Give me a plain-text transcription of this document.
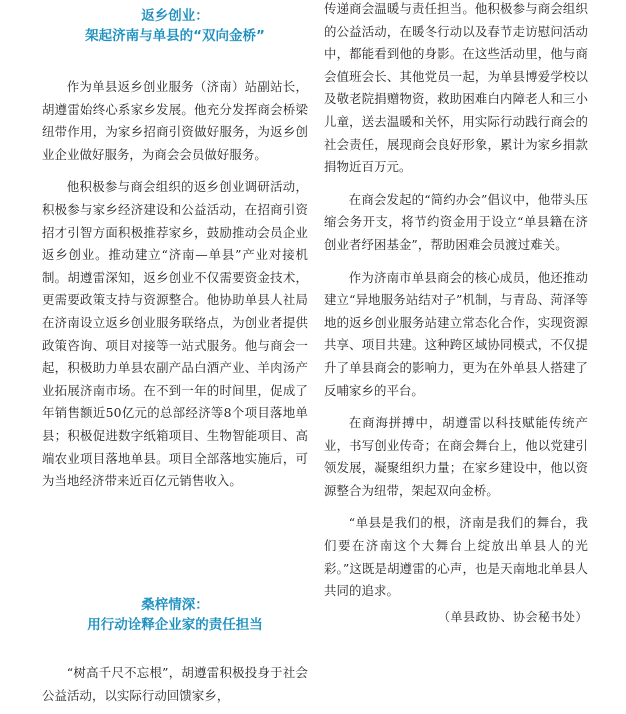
返乡创业：
架起济南与单县的“双向金桥”

作为单县返乡创业服务（济南）站副站长，胡遵雷始终心系家乡发展。他充分发挥商会桥梁纽带作用，为家乡招商引资做好服务，为返乡创业企业做好服务，为商会会员做好服务。

他积极参与商会组织的返乡创业调研活动，积极参与家乡经济建设和公益活动，在招商引资招才引智方面积极推荐家乡，鼓励推动会员企业返乡创业。推动建立“济南—单县”产业对接机制。胡遵雷深知，返乡创业不仅需要资金技术，更需要政策支持与资源整合。他协助单县人社局在济南设立返乡创业服务联络点，为创业者提供政策咨询、项目对接等一站式服务。他与商会一起，积极助力单县农副产品白酒产业、羊肉汤产业拓展济南市场。在不到一年的时间里，促成了年销售额近50亿元的总部经济等8个项目落地单县；积极促进数字纸箱项目、生物智能项目、高端农业项目落地单县。项目全部落地实施后，可为当地经济带来近百亿元销售收入。

桑梓情深：
用行动诠释企业家的责任担当

“树高千尺不忘根”，胡遵雷积极投身于社会公益活动，以实际行动回馈家乡，

传递商会温暖与责任担当。他积极参与商会组织的公益活动，在暖冬行动以及春节走访慰问活动中，都能看到他的身影。在这些活动里，他与商会值班会长、其他党员一起，为单县博爱学校以及敬老院捐赠物资，救助困难白内障老人和三小儿童，送去温暖和关怀，用实际行动践行商会的社会责任，展现商会良好形象，累计为家乡捐款捐物近百万元。

在商会发起的“简约办会”倡议中，他带头压缩会务开支，将节约资金用于设立“单县籍在济创业者纾困基金”，帮助困难会员渡过难关。

作为济南市单县商会的核心成员，他还推动建立“异地服务站结对子”机制，与青岛、菏泽等地的返乡创业服务站建立常态化合作，实现资源共享、项目共建。这种跨区域协同模式，不仅提升了单县商会的影响力，更为在外单县人搭建了反哺家乡的平台。

在商海拼搏中，胡遵雷以科技赋能传统产业，书写创业传奇；在商会舞台上，他以党建引领发展，凝聚组织力量；在家乡建设中，他以资源整合为纽带，架起双向金桥。

“单县是我们的根，济南是我们的舞台，我们要在济南这个大舞台上绽放出单县人的光彩。”这既是胡遵雷的心声，也是天南地北单县人共同的追求。

（单县政协、协会秘书处）
